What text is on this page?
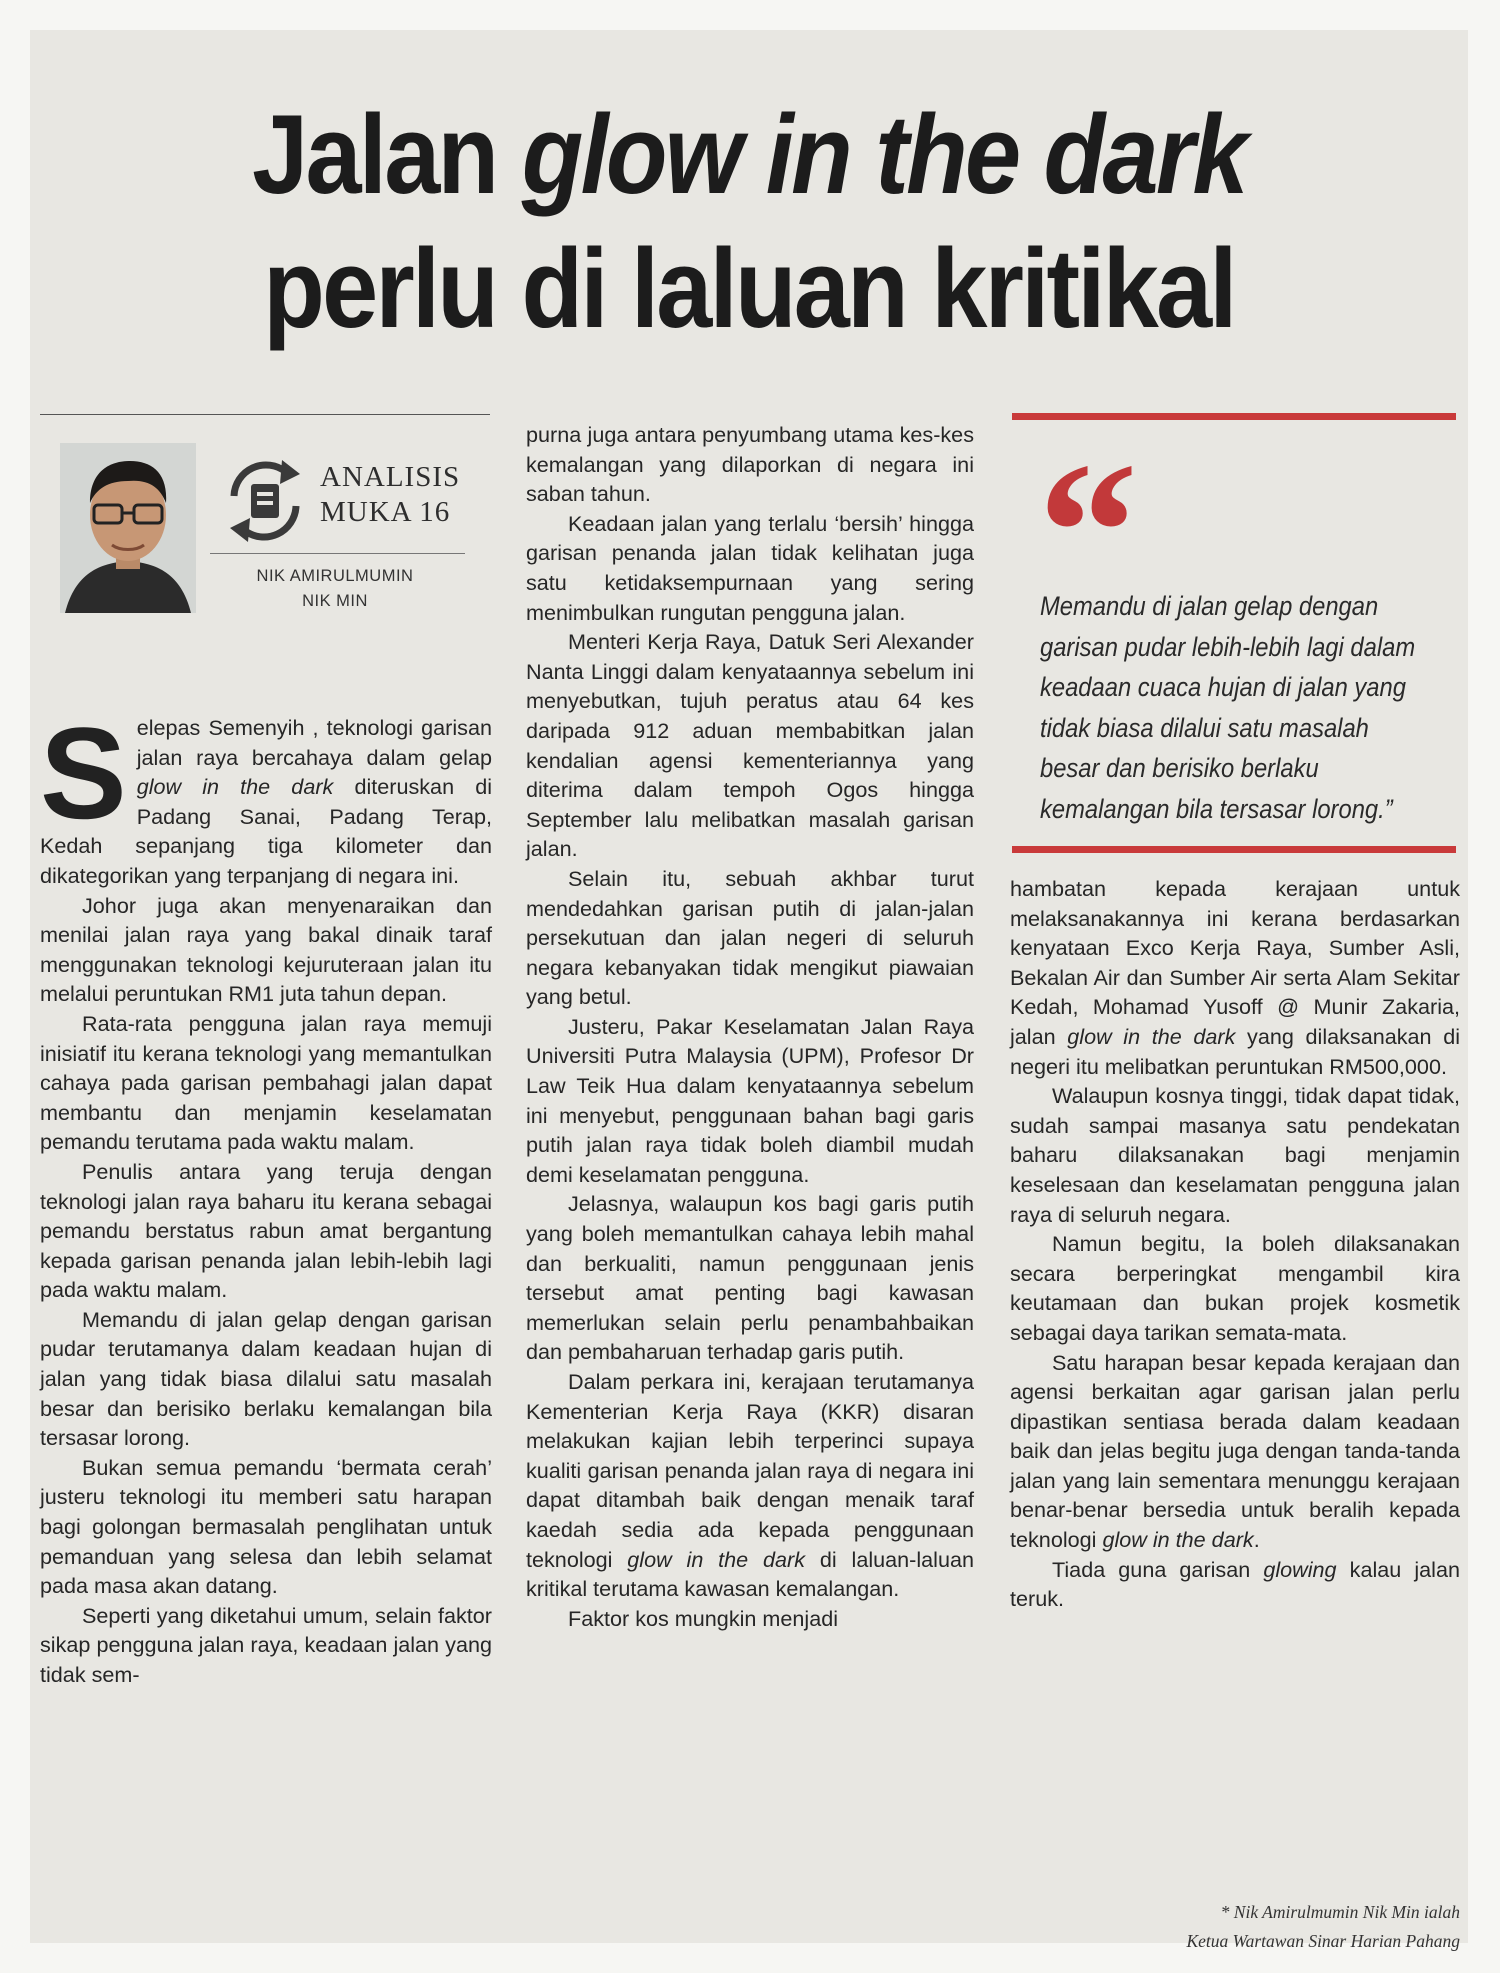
Jalan glow in the dark
perlu di laluan kritikal
ANALISIS
MUKA 16
NIK AMIRULMUMIN
NIK MIN

Selepas Semenyih , teknologi garisan jalan raya bercahaya dalam gelap glow in the dark diteruskan di Padang Sanai, Padang Terap, Kedah sepanjang tiga kilometer dan dikategorikan yang terpanjang di negara ini.

Johor juga akan menyenaraikan dan menilai jalan raya yang bakal dinaik taraf menggunakan teknologi kejuruteraan jalan itu melalui peruntukan RM1 juta tahun depan.

Rata-rata pengguna jalan raya memuji inisiatif itu kerana teknologi yang memantulkan cahaya pada garisan pembahagi jalan dapat membantu dan menjamin keselamatan pemandu terutama pada waktu malam.

Penulis antara yang teruja dengan teknologi jalan raya baharu itu kerana sebagai pemandu berstatus rabun amat bergantung kepada garisan penanda jalan lebih-lebih lagi pada waktu malam.

Memandu di jalan gelap dengan garisan pudar terutamanya dalam keadaan hujan di jalan yang tidak biasa dilalui satu masalah besar dan berisiko berlaku kemalangan bila tersasar lorong.

Bukan semua pemandu ‘bermata cerah’ justeru teknologi itu memberi satu harapan bagi golongan bermasalah penglihatan untuk pemanduan yang selesa dan lebih selamat pada masa akan datang.

Seperti yang diketahui umum, selain faktor sikap pengguna jalan raya, keadaan jalan yang tidak sem-

purna juga antara penyumbang utama kes-kes kemalangan yang dilaporkan di negara ini saban tahun.

Keadaan jalan yang terlalu ‘bersih’ hingga garisan penanda jalan tidak kelihatan juga satu ketidaksempurnaan yang sering menimbulkan rungutan pengguna jalan.

Menteri Kerja Raya, Datuk Seri Alexander Nanta Linggi dalam kenyataannya sebelum ini menyebutkan, tujuh peratus atau 64 kes daripada 912 aduan membabitkan jalan kendalian agensi kementeriannya yang diterima dalam tempoh Ogos hingga September lalu melibatkan masalah garisan jalan.

Selain itu, sebuah akhbar turut mendedahkan garisan putih di jalan-jalan persekutuan dan jalan negeri di seluruh negara kebanyakan tidak mengikut piawaian yang betul.

Justeru, Pakar Keselamatan Jalan Raya Universiti Putra Malaysia (UPM), Profesor Dr Law Teik Hua dalam kenyataannya sebelum ini menyebut, penggunaan bahan bagi garis putih jalan raya tidak boleh diambil mudah demi keselamatan pengguna.

Jelasnya, walaupun kos bagi garis putih yang boleh memantulkan cahaya lebih mahal dan berkualiti, namun penggunaan jenis tersebut amat penting bagi kawasan memerlukan selain perlu penambahbaikan dan pembaharuan terhadap garis putih.

Dalam perkara ini, kerajaan terutamanya Kementerian Kerja Raya (KKR) disaran melakukan kajian lebih terperinci supaya kualiti garisan penanda jalan raya di negara ini dapat ditambah baik dengan menaik taraf kaedah sedia ada kepada penggunaan teknologi glow in the dark di laluan-laluan kritikal terutama kawasan kemalangan.

Faktor kos mungkin menjadi

“
Memandu di jalan gelap dengan garisan pudar lebih-lebih lagi dalam keadaan cuaca hujan di jalan yang tidak biasa dilalui satu masalah besar dan berisiko berlaku kemalangan bila tersasar lorong.”

hambatan kepada kerajaan untuk melaksanakannya ini kerana berdasarkan kenyataan Exco Kerja Raya, Sumber Asli, Bekalan Air dan Sumber Air serta Alam Sekitar Kedah, Mohamad Yusoff @ Munir Zakaria, jalan glow in the dark yang dilaksanakan di negeri itu melibatkan peruntukan RM500,000.

Walaupun kosnya tinggi, tidak dapat tidak, sudah sampai masanya satu pendekatan baharu dilaksanakan bagi menjamin keselesaan dan keselamatan pengguna jalan raya di seluruh negara.

Namun begitu, Ia boleh dilaksanakan secara berperingkat mengambil kira keutamaan dan bukan projek kosmetik sebagai daya tarikan semata-mata.

Satu harapan besar kepada kerajaan dan agensi berkaitan agar garisan jalan perlu dipastikan sentiasa berada dalam keadaan baik dan jelas begitu juga dengan tanda-tanda jalan yang lain sementara menunggu kerajaan benar-benar bersedia untuk beralih kepada teknologi glow in the dark.

Tiada guna garisan glowing kalau jalan teruk.

* Nik Amirulmumin Nik Min ialah
Ketua Wartawan Sinar Harian Pahang
